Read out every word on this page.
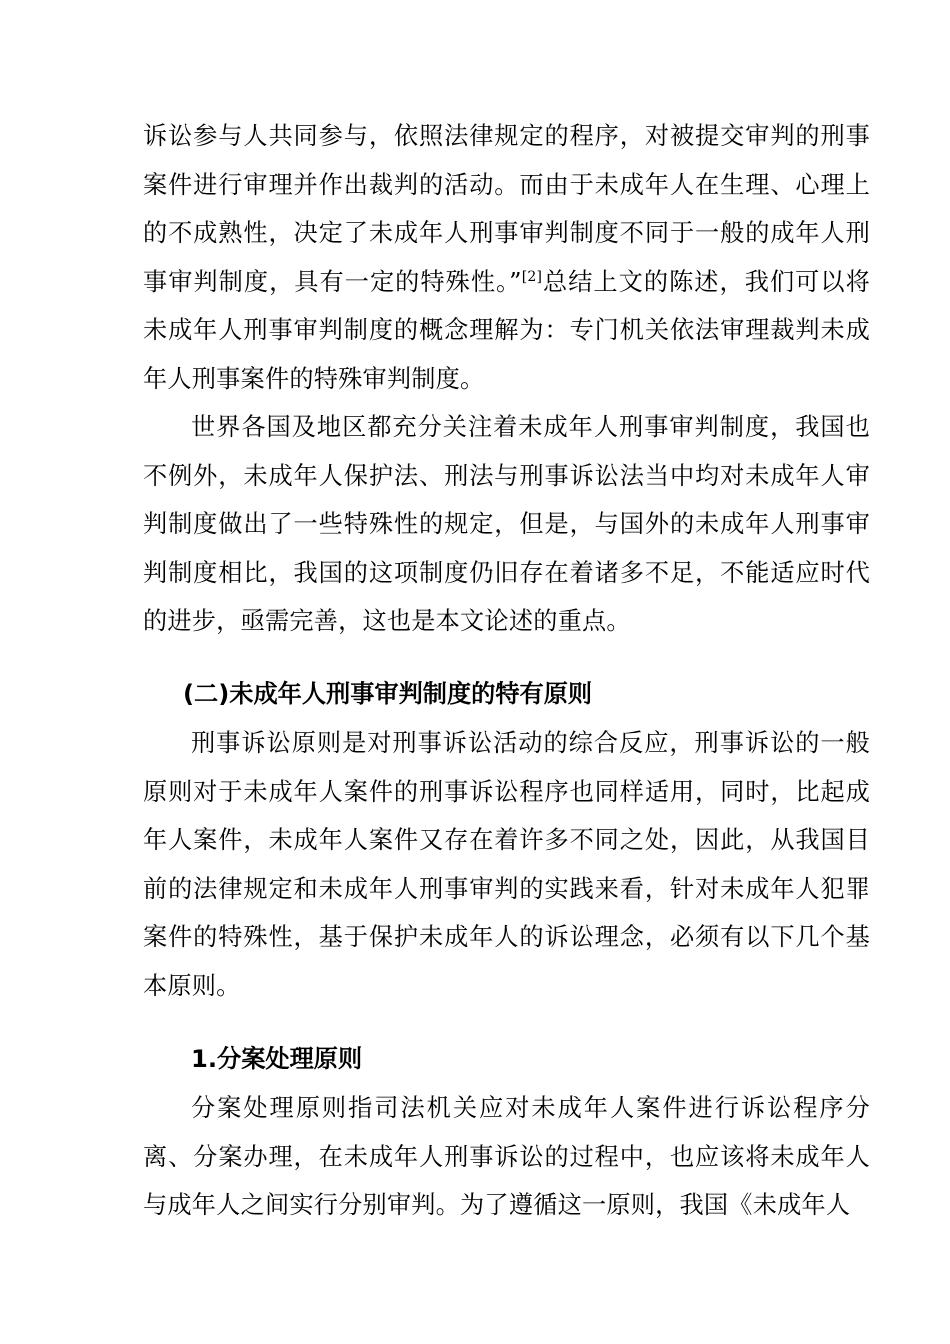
诉讼参与人共同参与，依照法律规定的程序，对被提交审判的刑事案件进行审理并作出裁判的活动。而由于未成年人在生理、心理上的不成熟性，决定了未成年人刑事审判制度不同于一般的成年人刑事审判制度，具有一定的特殊性。”[2]总结上文的陈述，我们可以将未成年人刑事审判制度的概念理解为：专门机关依法审理裁判未成年人刑事案件的特殊审判制度。

世界各国及地区都充分关注着未成年人刑事审判制度，我国也不例外，未成年人保护法、刑法与刑事诉讼法当中均对未成年人审判制度做出了一些特殊性的规定，但是，与国外的未成年人刑事审判制度相比，我国的这项制度仍旧存在着诸多不足，不能适应时代的进步，亟需完善，这也是本文论述的重点。

(二)未成年人刑事审判制度的特有原则

刑事诉讼原则是对刑事诉讼活动的综合反应，刑事诉讼的一般原则对于未成年人案件的刑事诉讼程序也同样适用，同时，比起成年人案件，未成年人案件又存在着许多不同之处，因此，从我国目前的法律规定和未成年人刑事审判的实践来看，针对未成年人犯罪案件的特殊性，基于保护未成年人的诉讼理念，必须有以下几个基本原则。

1.分案处理原则

分案处理原则指司法机关应对未成年人案件进行诉讼程序分离、分案办理，在未成年人刑事诉讼的过程中，也应该将未成年人与成年人之间实行分别审判。为了遵循这一原则，我国《未成年人
